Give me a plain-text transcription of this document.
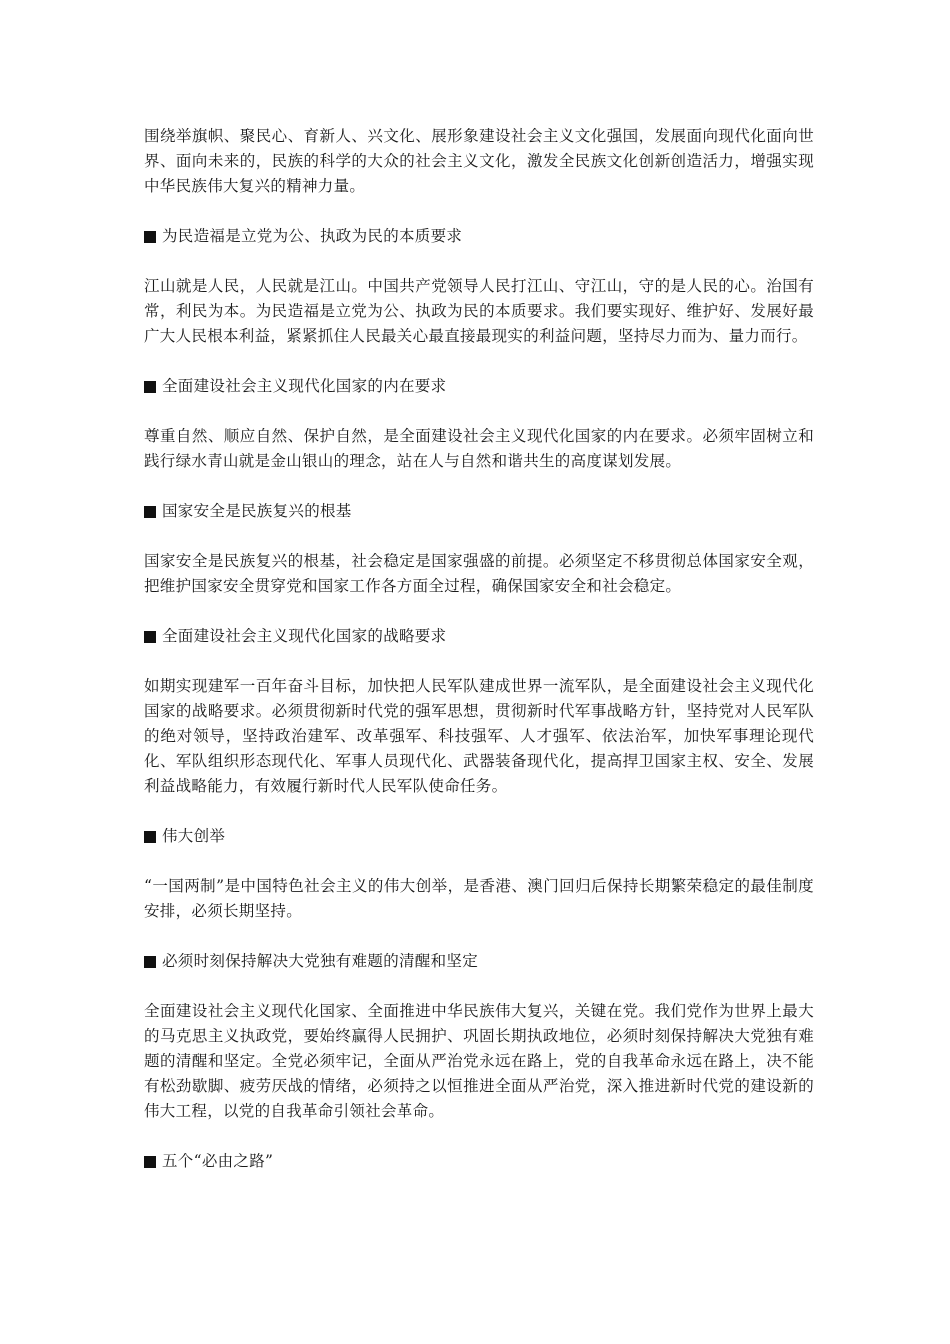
围绕举旗帜、聚民心、育新人、兴文化、展形象建设社会主义文化强国，发展面向现代化面向世界、面向未来的，民族的科学的大众的社会主义文化，激发全民族文化创新创造活力，增强实现中华民族伟大复兴的精神力量。

为民造福是立党为公、执政为民的本质要求

江山就是人民，人民就是江山。中国共产党领导人民打江山、守江山，守的是人民的心。治国有常，利民为本。为民造福是立党为公、执政为民的本质要求。我们要实现好、维护好、发展好最广大人民根本利益，紧紧抓住人民最关心最直接最现实的利益问题，坚持尽力而为、量力而行。

全面建设社会主义现代化国家的内在要求

尊重自然、顺应自然、保护自然，是全面建设社会主义现代化国家的内在要求。必须牢固树立和践行绿水青山就是金山银山的理念，站在人与自然和谐共生的高度谋划发展。

国家安全是民族复兴的根基

国家安全是民族复兴的根基，社会稳定是国家强盛的前提。必须坚定不移贯彻总体国家安全观，把维护国家安全贯穿党和国家工作各方面全过程，确保国家安全和社会稳定。

全面建设社会主义现代化国家的战略要求

如期实现建军一百年奋斗目标，加快把人民军队建成世界一流军队，是全面建设社会主义现代化国家的战略要求。必须贯彻新时代党的强军思想，贯彻新时代军事战略方针，坚持党对人民军队的绝对领导，坚持政治建军、改革强军、科技强军、人才强军、依法治军，加快军事理论现代化、军队组织形态现代化、军事人员现代化、武器装备现代化，提高捍卫国家主权、安全、发展利益战略能力，有效履行新时代人民军队使命任务。

伟大创举

“一国两制”是中国特色社会主义的伟大创举，是香港、澳门回归后保持长期繁荣稳定的最佳制度安排，必须长期坚持。

必须时刻保持解决大党独有难题的清醒和坚定

全面建设社会主义现代化国家、全面推进中华民族伟大复兴，关键在党。我们党作为世界上最大的马克思主义执政党，要始终赢得人民拥护、巩固长期执政地位，必须时刻保持解决大党独有难题的清醒和坚定。全党必须牢记，全面从严治党永远在路上，党的自我革命永远在路上，决不能有松劲歇脚、疲劳厌战的情绪，必须持之以恒推进全面从严治党，深入推进新时代党的建设新的伟大工程，以党的自我革命引领社会革命。

五个“必由之路”
